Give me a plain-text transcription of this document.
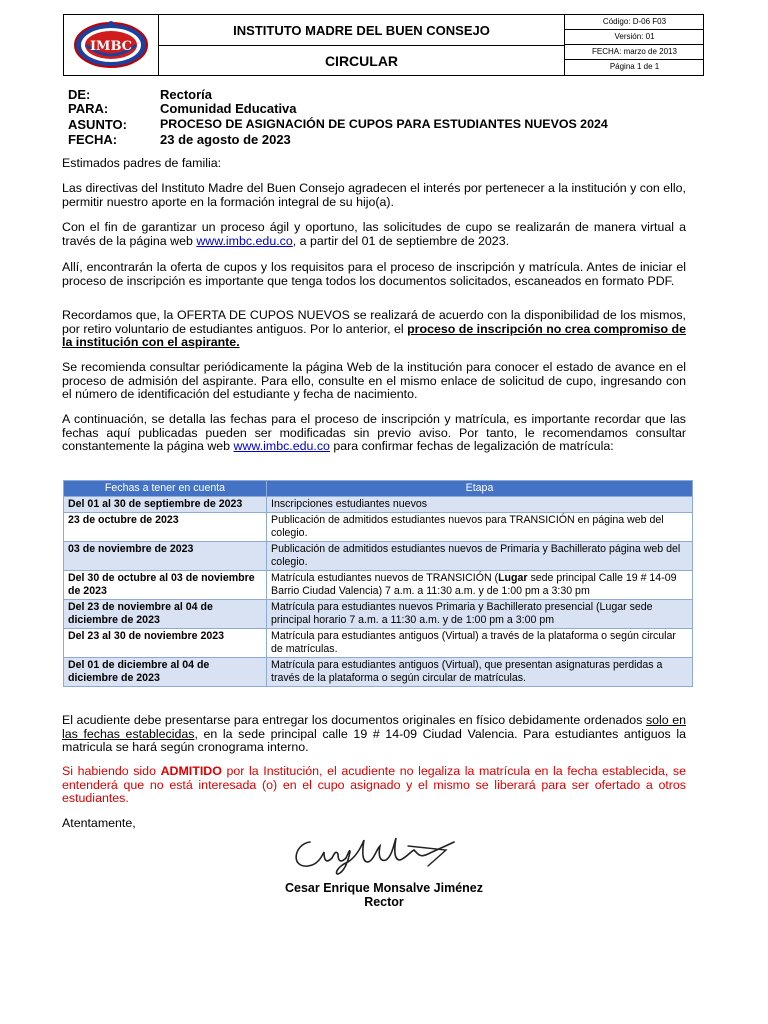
IMBC
INSTITUTO MADRE DEL BUEN CONSEJO
CIRCULAR
Código: D-06 F03
Versión: 01
FECHA: marzo de 2013
Página 1 de 1
DE:	Rectoría
PARA:	Comunidad Educativa
ASUNTO:	PROCESO DE ASIGNACIÓN DE CUPOS PARA ESTUDIANTES NUEVOS 2024
FECHA:	23 de agosto de 2023

Estimados padres de familia:

Las directivas del Instituto Madre del Buen Consejo agradecen el interés por pertenecer a la institución y con ello, permitir nuestro aporte en la formación integral de su hijo(a).

Con el fin de garantizar un proceso ágil y oportuno, las solicitudes de cupo se realizarán de manera virtual a través de la página web www.imbc.edu.co, a partir del 01 de septiembre de 2023.

Allí, encontrarán la oferta de cupos y los requisitos para el proceso de inscripción y matrícula. Antes de iniciar el proceso de inscripción es importante que tenga todos los documentos solicitados, escaneados en formato PDF.

Recordamos que, la OFERTA DE CUPOS NUEVOS se realizará de acuerdo con la disponibilidad de los mismos, por retiro voluntario de estudiantes antiguos. Por lo anterior, el proceso de inscripción no crea compromiso de la institución con el aspirante.

Se recomienda consultar periódicamente la página Web de la institución para conocer el estado de avance en el proceso de admisión del aspirante. Para ello, consulte en el mismo enlace de solicitud de cupo, ingresando con el número de identificación del estudiante y fecha de nacimiento.

A continuación, se detalla las fechas para el proceso de inscripción y matrícula, es importante recordar que las fechas aquí publicadas pueden ser modificadas sin previo aviso. Por tanto, le recomendamos consultar constantemente la página web www.imbc.edu.co para confirmar fechas de legalización de matrícula:

Fechas a tener en cuenta	Etapa
Del 01 al 30 de septiembre de 2023	Inscripciones estudiantes nuevos
23 de octubre de 2023	Publicación de admitidos estudiantes nuevos para TRANSICIÓN en página web del colegio.
03 de noviembre de 2023	Publicación de admitidos estudiantes nuevos de Primaria y Bachillerato página web del colegio.
Del 30 de octubre al 03 de noviembre de 2023	Matrícula estudiantes nuevos de TRANSICIÓN (Lugar sede principal Calle 19 # 14-09 Barrio Ciudad Valencia) 7 a.m. a 11:30 a.m. y de 1:00 pm a 3:30 pm
Del 23 de noviembre al 04 de diciembre de 2023	Matrícula para estudiantes nuevos Primaria y Bachillerato presencial (Lugar sede principal horario 7 a.m. a 11:30 a.m. y de 1:00 pm a 3:00 pm
Del 23 al 30 de noviembre 2023	Matrícula para estudiantes antiguos (Virtual) a través de la plataforma o según circular de matrículas.
Del 01 de diciembre al 04 de diciembre de 2023	Matrícula para estudiantes antiguos (Virtual), que presentan asignaturas perdidas a través de la plataforma o según circular de matrículas.

El acudiente debe presentarse para entregar los documentos originales en físico debidamente ordenados solo en las fechas establecidas, en la sede principal calle 19 # 14-09 Ciudad Valencia. Para estudiantes antiguos la matricula se hará según cronograma interno.

Si habiendo sido ADMITIDO por la Institución, el acudiente no legaliza la matrícula en la fecha establecida, se entenderá que no está interesada (o) en el cupo asignado y el mismo se liberará para ser ofertado a otros estudiantes.

Atentamente,

Cesar Enrique Monsalve Jiménez
Rector
